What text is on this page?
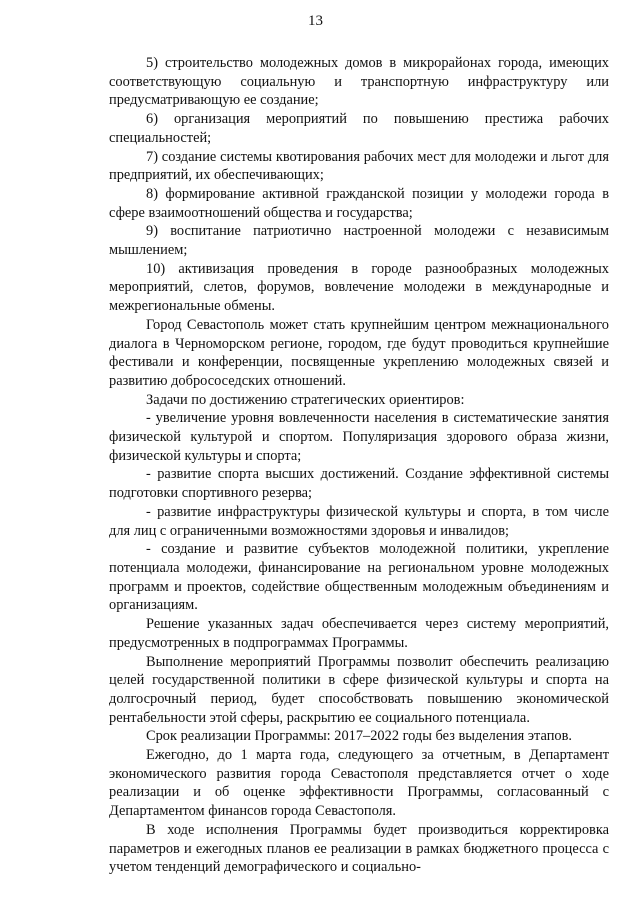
13

5) строительство молодежных домов в микрорайонах города, имеющих соответствующую социальную и транспортную инфраструктуру или предусматривающую ее создание;

6) организация мероприятий по повышению престижа рабочих специальностей;

7) создание системы квотирования рабочих мест для молодежи и льгот для предприятий, их обеспечивающих;

8) формирование активной гражданской позиции у молодежи города в сфере взаимоотношений общества и государства;

9) воспитание патриотично настроенной молодежи с независимым мышлением;

10) активизация проведения в городе разнообразных молодежных мероприятий, слетов, форумов, вовлечение молодежи в международные и межрегиональные обмены.

Город Севастополь может стать крупнейшим центром межнационального диалога в Черноморском регионе, городом, где будут проводиться крупнейшие фестивали и конференции, посвященные укреплению молодежных связей и развитию добрососедских отношений.

Задачи по достижению стратегических ориентиров:

- увеличение уровня вовлеченности населения в систематические занятия физической культурой и спортом. Популяризация здорового образа жизни, физической культуры и спорта;

- развитие спорта высших достижений. Создание эффективной системы подготовки спортивного резерва;

- развитие инфраструктуры физической культуры и спорта, в том числе для лиц с ограниченными возможностями здоровья и инвалидов;

- создание и развитие субъектов молодежной политики, укрепление потенциала молодежи, финансирование на региональном уровне молодежных программ и проектов, содействие общественным молодежным объединениям и организациям.

Решение указанных задач обеспечивается через систему мероприятий, предусмотренных в подпрограммах Программы.

Выполнение мероприятий Программы позволит обеспечить реализацию целей государственной политики в сфере физической культуры и спорта на долгосрочный период, будет способствовать повышению экономической рентабельности этой сферы, раскрытию ее социального потенциала.

Срок реализации Программы: 2017–2022 годы без выделения этапов.

Ежегодно, до 1 марта года, следующего за отчетным, в Департамент экономического развития города Севастополя представляется отчет о ходе реализации и об оценке эффективности Программы, согласованный с Департаментом финансов города Севастополя.

В ходе исполнения Программы будет производиться корректировка параметров и ежегодных планов ее реализации в рамках бюджетного процесса с учетом тенденций демографического и социально-
